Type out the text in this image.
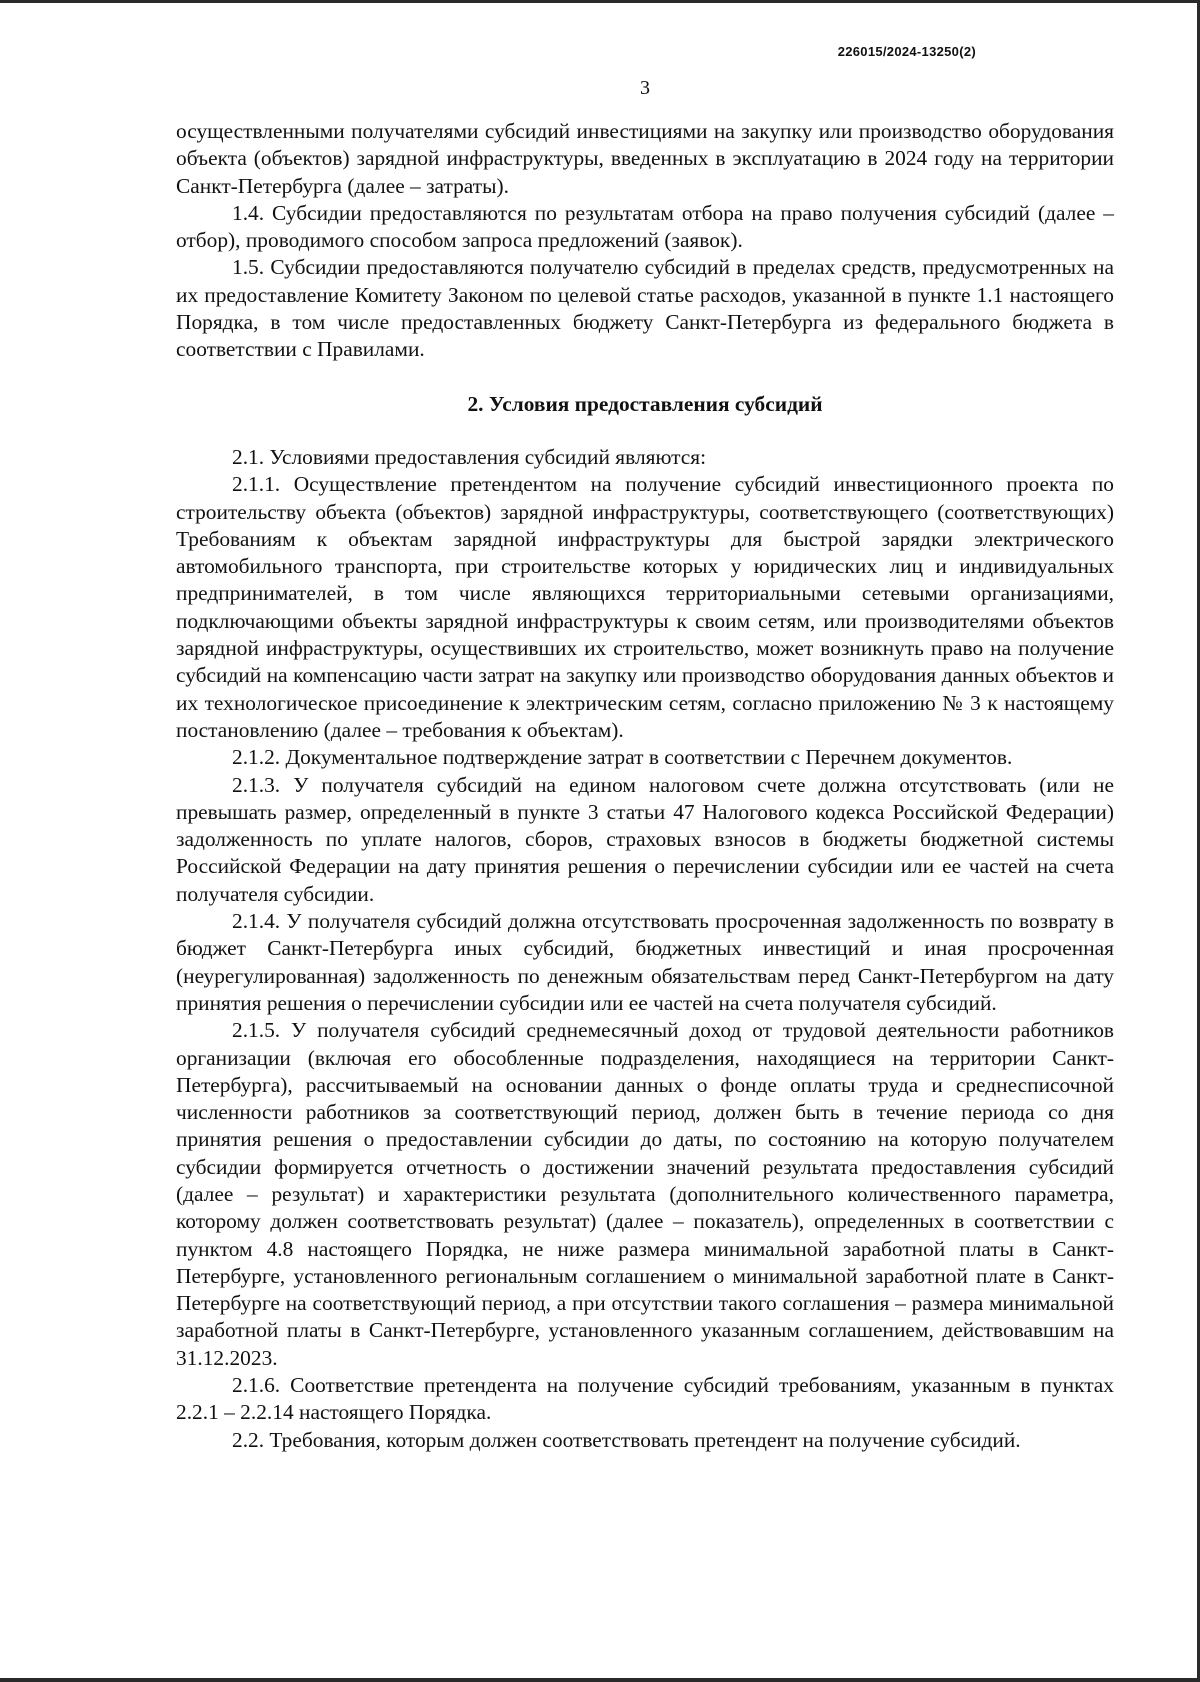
226015/2024-13250(2)
3

осуществленными получателями субсидий инвестициями на закупку или производство оборудования объекта (объектов) зарядной инфраструктуры, введенных в эксплуатацию в 2024 году на территории Санкт-Петербурга (далее – затраты).

1.4. Субсидии предоставляются по результатам отбора на право получения субсидий (далее – отбор), проводимого способом запроса предложений (заявок).

1.5. Субсидии предоставляются получателю субсидий в пределах средств, предусмотренных на их предоставление Комитету Законом по целевой статье расходов, указанной в пункте 1.1 настоящего Порядка, в том числе предоставленных бюджету Санкт-Петербурга из федерального бюджета в соответствии с Правилами.

2. Условия предоставления субсидий

2.1. Условиями предоставления субсидий являются:

2.1.1. Осуществление претендентом на получение субсидий инвестиционного проекта по строительству объекта (объектов) зарядной инфраструктуры, соответствующего (соответствующих) Требованиям к объектам зарядной инфраструктуры для быстрой зарядки электрического автомобильного транспорта, при строительстве которых у юридических лиц и индивидуальных предпринимателей, в том числе являющихся территориальными сетевыми организациями, подключающими объекты зарядной инфраструктуры к своим сетям, или производителями объектов зарядной инфраструктуры, осуществивших их строительство, может возникнуть право на получение субсидий на компенсацию части затрат на закупку или производство оборудования данных объектов и их технологическое присоединение к электрическим сетям, согласно приложению № 3 к настоящему постановлению (далее – требования к объектам).

2.1.2. Документальное подтверждение затрат в соответствии с Перечнем документов.

2.1.3. У получателя субсидий на едином налоговом счете должна отсутствовать (или не превышать размер, определенный в пункте 3 статьи 47 Налогового кодекса Российской Федерации) задолженность по уплате налогов, сборов, страховых взносов в бюджеты бюджетной системы Российской Федерации на дату принятия решения о перечислении субсидии или ее частей на счета получателя субсидии.

2.1.4. У получателя субсидий должна отсутствовать просроченная задолженность по возврату в бюджет Санкт-Петербурга иных субсидий, бюджетных инвестиций и иная просроченная (неурегулированная) задолженность по денежным обязательствам перед Санкт-Петербургом на дату принятия решения о перечислении субсидии или ее частей на счета получателя субсидий.

2.1.5. У получателя субсидий среднемесячный доход от трудовой деятельности работников организации (включая его обособленные подразделения, находящиеся на территории Санкт-Петербурга), рассчитываемый на основании данных о фонде оплаты труда и среднесписочной численности работников за соответствующий период, должен быть в течение периода со дня принятия решения о предоставлении субсидии до даты, по состоянию на которую получателем субсидии формируется отчетность о достижении значений результата предоставления субсидий (далее – результат) и характеристики результата (дополнительного количественного параметра, которому должен соответствовать результат) (далее – показатель), определенных в соответствии с пунктом 4.8 настоящего Порядка, не ниже размера минимальной заработной платы в Санкт-Петербурге, установленного региональным соглашением о минимальной заработной плате в Санкт-Петербурге на соответствующий период, а при отсутствии такого соглашения – размера минимальной заработной платы в Санкт-Петербурге, установленного указанным соглашением, действовавшим на 31.12.2023.

2.1.6. Соответствие претендента на получение субсидий требованиям, указанным в пунктах 2.2.1 – 2.2.14 настоящего Порядка.

2.2. Требования, которым должен соответствовать претендент на получение субсидий.
